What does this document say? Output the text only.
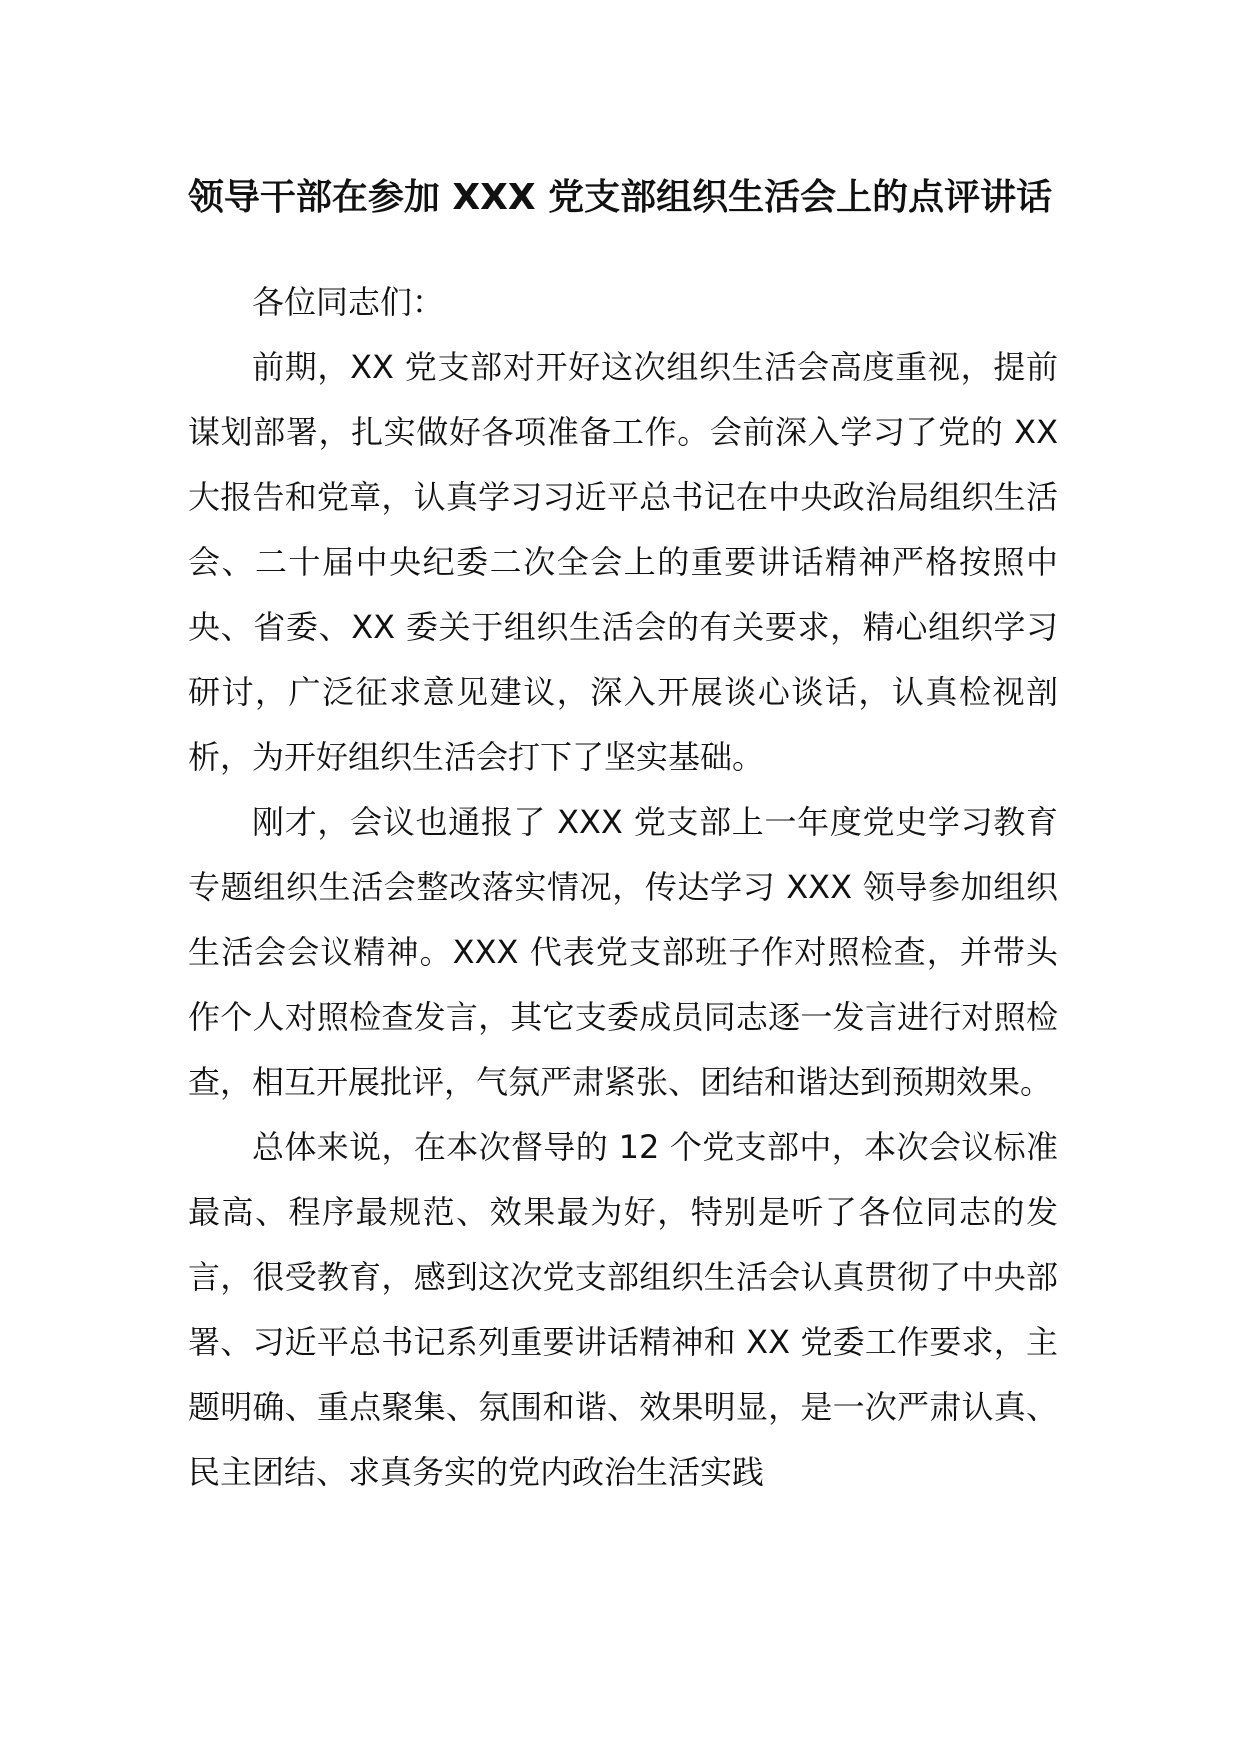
领导干部在参加 XXX 党支部组织生活会上的点评讲话

各位同志们：

前期，XX 党支部对开好这次组织生活会高度重视，提前谋划部署，扎实做好各项准备工作。会前深入学习了党的 XX 大报告和党章，认真学习习近平总书记在中央政治局组织生活会、二十届中央纪委二次全会上的重要讲话精神严格按照中央、省委、XX 委关于组织生活会的有关要求，精心组织学习研讨，广泛征求意见建议，深入开展谈心谈话，认真检视剖析，为开好组织生活会打下了坚实基础。

刚才，会议也通报了 XXX 党支部上一年度党史学习教育专题组织生活会整改落实情况，传达学习 XXX 领导参加组织生活会会议精神。XXX 代表党支部班子作对照检查，并带头作个人对照检查发言，其它支委成员同志逐一发言进行对照检查，相互开展批评，气氛严肃紧张、团结和谐达到预期效果。

总体来说，在本次督导的 12 个党支部中，本次会议标准最高、程序最规范、效果最为好，特别是听了各位同志的发言，很受教育，感到这次党支部组织生活会认真贯彻了中央部署、习近平总书记系列重要讲话精神和 XX 党委工作要求，主题明确、重点聚集、氛围和谐、效果明显，是一次严肃认真、民主团结、求真务实的党内政治生活实践
